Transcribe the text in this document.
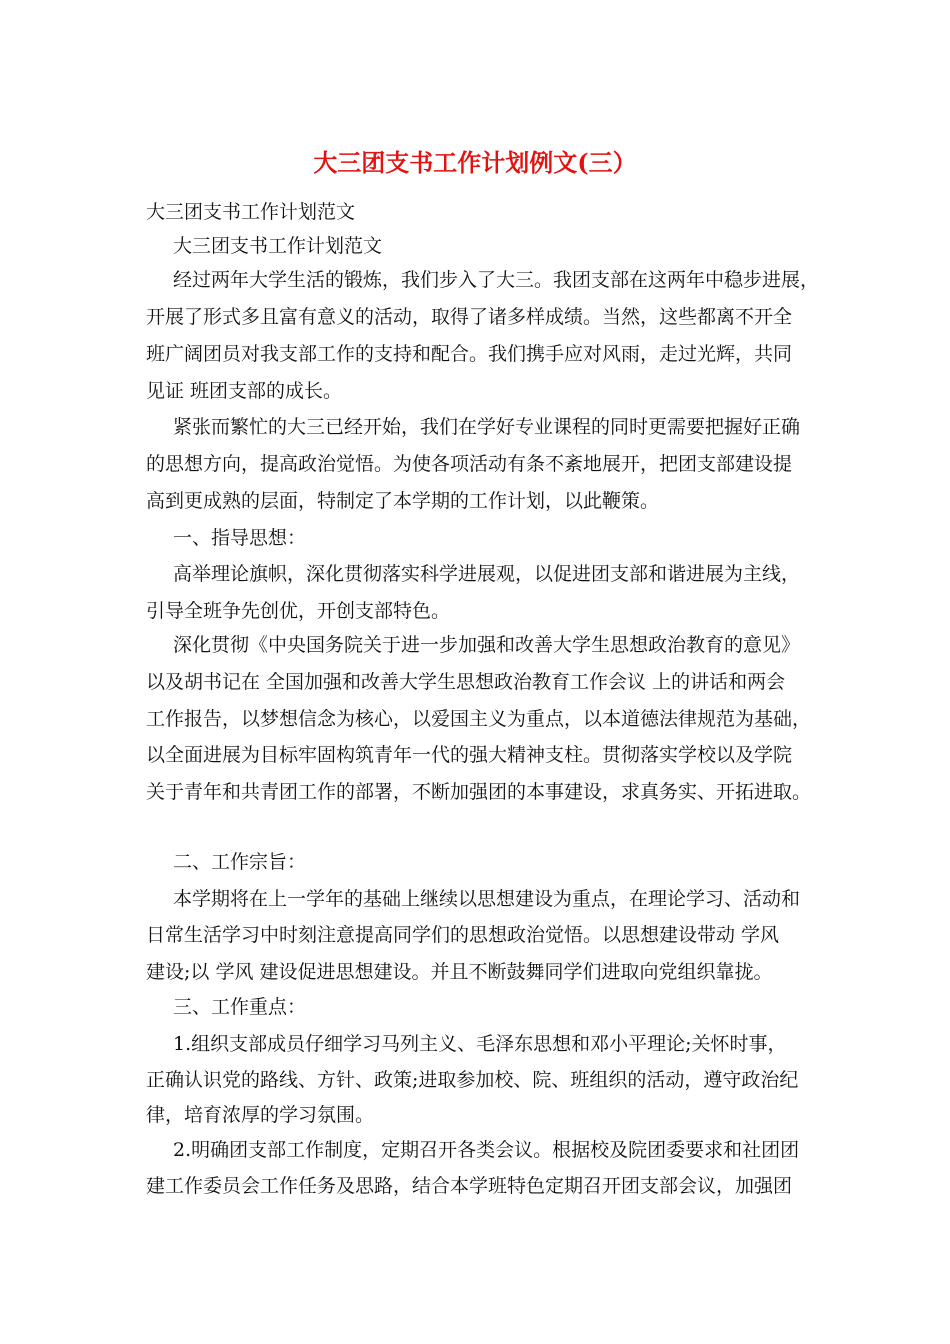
大三团支书工作计划例文(三）
大三团支书工作计划范文
大三团支书工作计划范文
经过两年大学生活的锻炼，我们步入了大三。我团支部在这两年中稳步进展，
开展了形式多且富有意义的活动，取得了诸多样成绩。当然，这些都离不开全
班广阔团员对我支部工作的支持和配合。我们携手应对风雨，走过光辉，共同
见证 班团支部的成长。
紧张而繁忙的大三已经开始，我们在学好专业课程的同时更需要把握好正确
的思想方向，提高政治觉悟。为使各项活动有条不紊地展开，把团支部建设提
高到更成熟的层面，特制定了本学期的工作计划，以此鞭策。
一、指导思想：
高举理论旗帜，深化贯彻落实科学进展观，以促进团支部和谐进展为主线，
引导全班争先创优，开创支部特色。
深化贯彻《中央国务院关于进一步加强和改善大学生思想政治教育的意见》
以及胡书记在 全国加强和改善大学生思想政治教育工作会议 上的讲话和两会
工作报告，以梦想信念为核心，以爱国主义为重点，以本道德法律规范为基础，
以全面进展为目标牢固构筑青年一代的强大精神支柱。贯彻落实学校以及学院
关于青年和共青团工作的部署，不断加强团的本事建设，求真务实、开拓进取。
二、工作宗旨：
本学期将在上一学年的基础上继续以思想建设为重点，在理论学习、活动和
日常生活学习中时刻注意提高同学们的思想政治觉悟。以思想建设带动 学风
建设;以 学风 建设促进思想建设。并且不断鼓舞同学们进取向党组织靠拢。
三、工作重点：
1.组织支部成员仔细学习马列主义、毛泽东思想和邓小平理论;关怀时事，
正确认识党的路线、方针、政策;进取参加校、院、班组织的活动，遵守政治纪
律，培育浓厚的学习氛围。
2.明确团支部工作制度，定期召开各类会议。根据校及院团委要求和社团团
建工作委员会工作任务及思路，结合本学班特色定期召开团支部会议，加强团
